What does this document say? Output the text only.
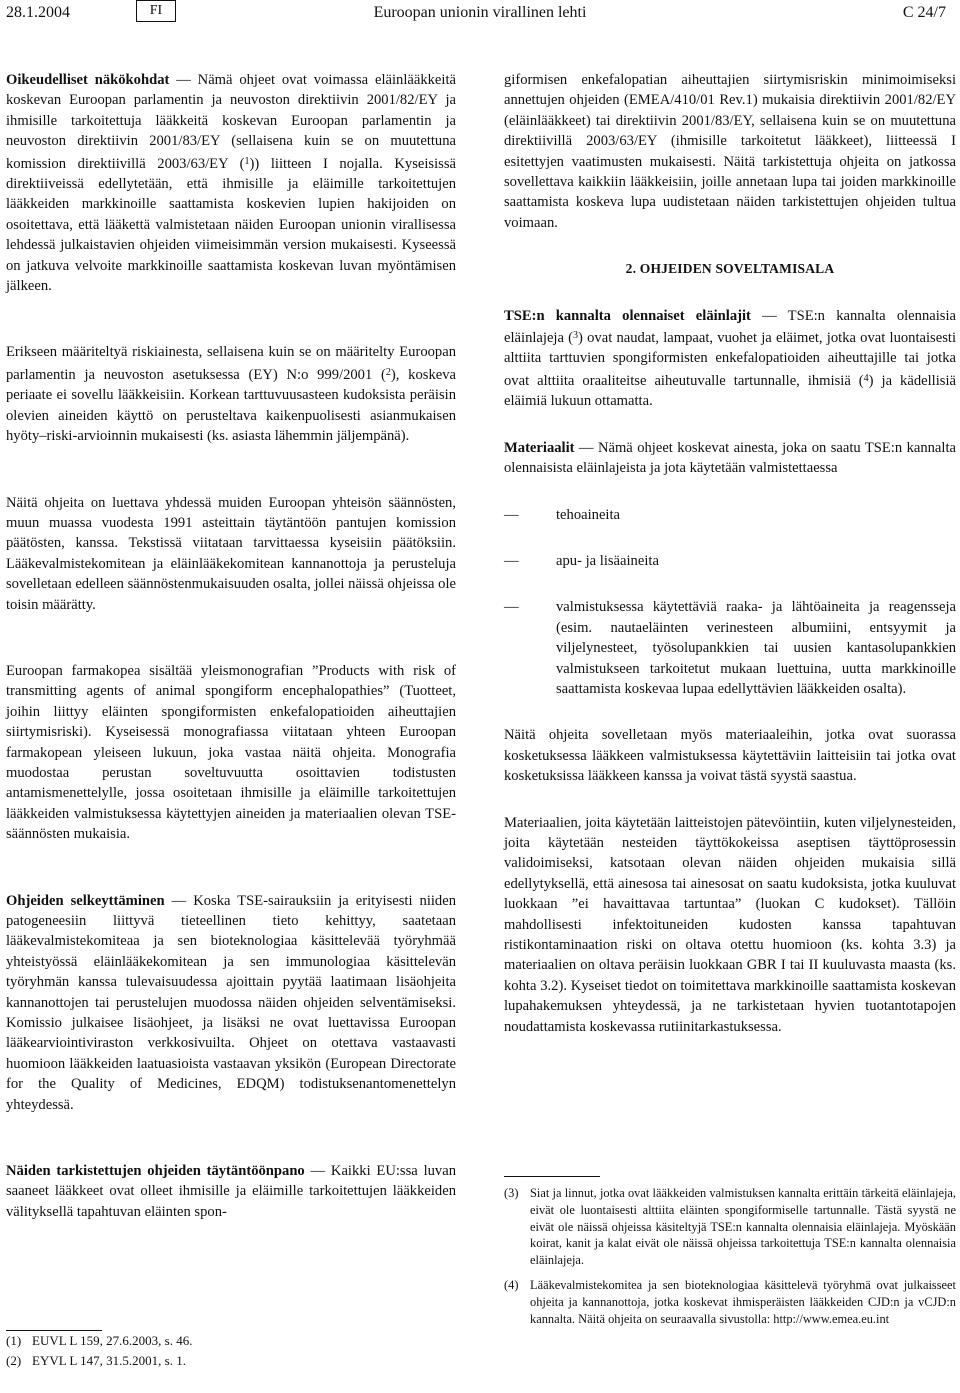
28.1.2004	FI	Euroopan unionin virallinen lehti	C 24/7

Oikeudelliset näkökohdat — Nämä ohjeet ovat voimassa eläinlääkkeitä koskevan Euroopan parlamentin ja neuvoston direktiivin 2001/82/EY ja ihmisille tarkoitettuja lääkkeitä koskevan Euroopan parlamentin ja neuvoston direktiivin 2001/83/EY (sellaisena kuin se on muutettuna komission direktiivillä 2003/63/EY ($^1$)) liitteen I nojalla. Kyseisissä direktiiveissä edellytetään, että ihmisille ja eläimille tarkoitettujen lääkkeiden markkinoille saattamista koskevien lupien hakijoiden on osoitettava, että lääkettä valmistetaan näiden Euroopan unionin virallisessa lehdessä julkaistavien ohjeiden viimeisimmän version mukaisesti. Kyseessä on jatkuva velvoite markkinoille saattamista koskevan luvan myöntämisen jälkeen.

Erikseen määriteltyä riskiainesta, sellaisena kuin se on määritelty Euroopan parlamentin ja neuvoston asetuksessa (EY) N:o 999/2001 ($^2$), koskeva periaate ei sovellu lääkkeisiin. Korkean tarttuvuusasteen kudoksista peräisin olevien aineiden käyttö on perusteltava kaikenpuolisesti asianmukaisen hyöty–riski-arvioinnin mukaisesti (ks. asiasta lähemmin jäljempänä).

Näitä ohjeita on luettava yhdessä muiden Euroopan yhteisön säännösten, muun muassa vuodesta 1991 asteittain täytäntöön pantujen komission päätösten, kanssa. Tekstissä viitataan tarvittaessa kyseisiin päätöksiin. Lääkevalmistekomitean ja eläinlääkekomitean kannanottoja ja perusteluja sovelletaan edelleen säännöstenmukaisuuden osalta, jollei näissä ohjeissa ole toisin määrätty.

Euroopan farmakopea sisältää yleismonografian ”Products with risk of transmitting agents of animal spongiform encephalopathies” (Tuotteet, joihin liittyy eläinten spongiformisten enkefalopatioiden aiheuttajien siirtymisriski). Kyseisessä monografiassa viitataan yhteen Euroopan farmakopean yleiseen lukuun, joka vastaa näitä ohjeita. Monografia muodostaa perustan soveltuvuutta osoittavien todistusten antamismenettelylle, jossa osoitetaan ihmisille ja eläimille tarkoitettujen lääkkeiden valmistuksessa käytettyjen aineiden ja materiaalien olevan TSE-säännösten mukaisia.

Ohjeiden selkeyttäminen — Koska TSE-sairauksiin ja erityisesti niiden patogeneesiin liittyvä tieteellinen tieto kehittyy, saatetaan lääkevalmistekomiteaa ja sen bioteknologiaa käsittelevää työryhmää yhteistyössä eläinlääkekomitean ja sen immunologiaa käsittelevän työryhmän kanssa tulevaisuudessa ajoittain pyytää laatimaan lisäohjeita kannanottojen tai perustelujen muodossa näiden ohjeiden selventämiseksi. Komissio julkaisee lisäohjeet, ja lisäksi ne ovat luettavissa Euroopan lääkearviointiviraston verkkosivuilta. Ohjeet on otettava vastaavasti huomioon lääkkeiden laatuasioista vastaavan yksikön (European Directorate for the Quality of Medicines, EDQM) todistuksenantomenettelyn yhteydessä.

Näiden tarkistettujen ohjeiden täytäntöönpano — Kaikki EU:ssa luvan saaneet lääkkeet ovat olleet ihmisille ja eläimille tarkoitettujen lääkkeiden välityksellä tapahtuvan eläinten spon-

giformisen enkefalopatian aiheuttajien siirtymisriskin minimoimiseksi annettujen ohjeiden (EMEA/410/01 Rev.1) mukaisia direktiivin 2001/82/EY (eläinlääkkeet) tai direktiivin 2001/83/EY, sellaisena kuin se on muutettuna direktiivillä 2003/63/EY (ihmisille tarkoitetut lääkkeet), liitteessä I esitettyjen vaatimusten mukaisesti. Näitä tarkistettuja ohjeita on jatkossa sovellettava kaikkiin lääkkeisiin, joille annetaan lupa tai joiden markkinoille saattamista koskeva lupa uudistetaan näiden tarkistettujen ohjeiden tultua voimaan.

2. OHJEIDEN SOVELTAMISALA

TSE:n kannalta olennaiset eläinlajit — TSE:n kannalta olennaisia eläinlajeja ($^3$) ovat naudat, lampaat, vuohet ja eläimet, jotka ovat luontaisesti alttiita tarttuvien spongiformisten enkefalopatioiden aiheuttajille tai jotka ovat alttiita oraaliteitse aiheutuvalle tartunnalle, ihmisiä ($^4$) ja kädellisiä eläimiä lukuun ottamatta.

Materiaalit — Nämä ohjeet koskevat ainesta, joka on saatu TSE:n kannalta olennaisista eläinlajeista ja jota käytetään valmistettaessa

—	tehoaineita
—	apu- ja lisäaineita
—	valmistuksessa käytettäviä raaka- ja lähtöaineita ja reagenssejа (esim. nautaeläinten verinesteen albumiini, entsyymit ja viljelynesteet, työsolupankkien tai uusien kantasolupankkien valmistukseen tarkoitetut mukaan luettuina, uutta markkinoille saattamista koskevaa lupaa edellyttävien lääkkeiden osalta).

Näitä ohjeita sovelletaan myös materiaaleihin, jotka ovat suorassa kosketuksessa lääkkeen valmistuksessa käytettäviin laitteisiin tai jotka ovat kosketuksissa lääkkeen kanssa ja voivat tästä syystä saastua.

Materiaalien, joita käytetään laitteistojen pätevöintiin, kuten viljelynesteiden, joita käytetään nesteiden täyttökokeissa aseptisen täyttöprosessin validoimiseksi, katsotaan olevan näiden ohjeiden mukaisia sillä edellytyksellä, että ainesosa tai ainesosat on saatu kudoksista, jotka kuuluvat luokkaan ”ei havaittavaa tartuntaa” (luokan C kudokset). Tällöin mahdollisesti infektoituneiden kudosten kanssa tapahtuvan ristikontaminaation riski on oltava otettu huomioon (ks. kohta 3.3) ja materiaalien on oltava peräisin luokkaan GBR I tai II kuuluvasta maasta (ks. kohta 3.2). Kyseiset tiedot on toimitettava markkinoille saattamista koskevan lupahakemuksen yhteydessä, ja ne tarkistetaan hyvien tuotantotapojen noudattamista koskevassa rutiinitarkastuksessa.

(1) EUVL L 159, 27.6.2003, s. 46.
(2) EYVL L 147, 31.5.2001, s. 1.
(3) Siat ja linnut, jotka ovat lääkkeiden valmistuksen kannalta erittäin tärkeitä eläinlajeja, eivät ole luontaisesti alttiita eläinten spongiformiselle tartunnalle. Tästä syystä ne eivät ole näissä ohjeissa käsiteltyjä TSE:n kannalta olennaisia eläinlajeja. Myöskään koirat, kanit ja kalat eivät ole näissä ohjeissa tarkoitettuja TSE:n kannalta olennaisia eläinlajeja.
(4) Lääkevalmistekomitea ja sen bioteknologiaa käsittelevä työryhmä ovat julkaisseet ohjeita ja kannanottoja, jotka koskevat ihmisperäisten lääkkeiden CJD:n ja vCJD:n kannalta. Näitä ohjeita on seuraavalla sivustolla: http://www.emea.eu.int
